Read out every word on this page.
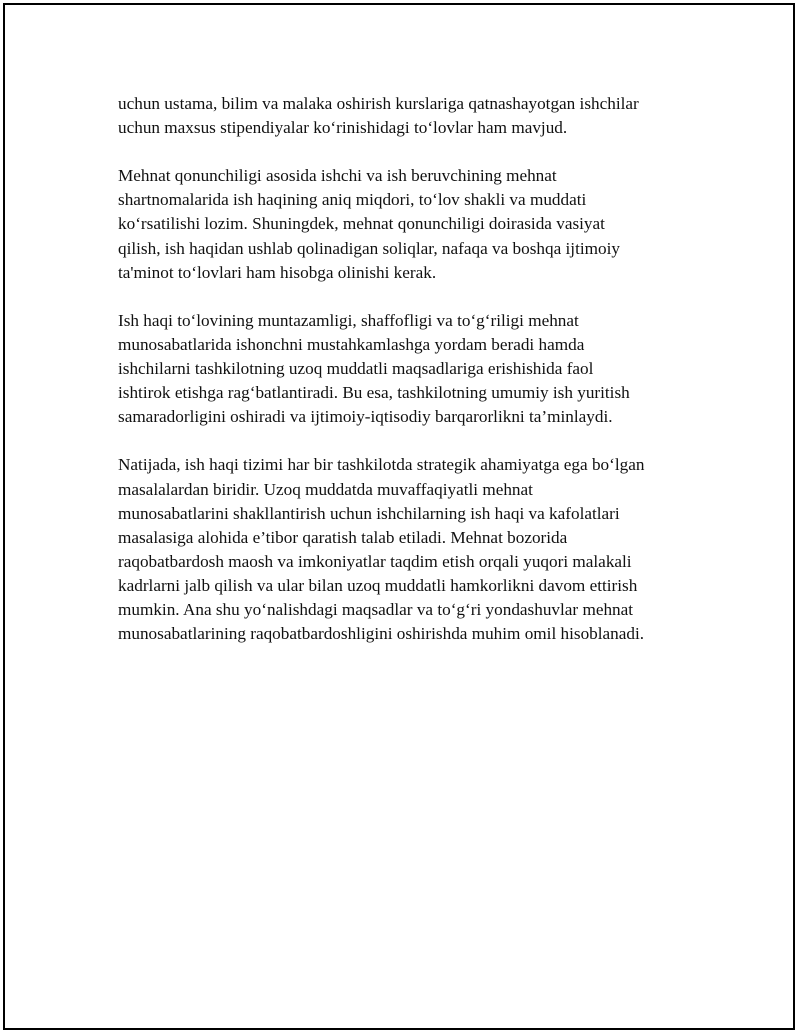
uchun ustama, bilim va malaka oshirish kurslariga qatnashayotgan ishchilar
uchun maxsus stipendiyalar ko‘rinishidagi to‘lovlar ham mavjud.

Mehnat qonunchiligi asosida ishchi va ish beruvchining mehnat
shartnomalarida ish haqining aniq miqdori, to‘lov shakli va muddati
ko‘rsatilishi lozim. Shuningdek, mehnat qonunchiligi doirasida vasiyat
qilish, ish haqidan ushlab qolinadigan soliqlar, nafaqa va boshqa ijtimoiy
ta'minot to‘lovlari ham hisobga olinishi kerak.

Ish haqi to‘lovining muntazamligi, shaffofligi va to‘g‘riligi mehnat
munosabatlarida ishonchni mustahkamlashga yordam beradi hamda
ishchilarni tashkilotning uzoq muddatli maqsadlariga erishishida faol
ishtirok etishga rag‘batlantiradi. Bu esa, tashkilotning umumiy ish yuritish
samaradorligini oshiradi va ijtimoiy-iqtisodiy barqarorlikni ta’minlaydi.

Natijada, ish haqi tizimi har bir tashkilotda strategik ahamiyatga ega bo‘lgan
masalalardan biridir. Uzoq muddatda muvaffaqiyatli mehnat
munosabatlarini shakllantirish uchun ishchilarning ish haqi va kafolatlari
masalasiga alohida e’tibor qaratish talab etiladi. Mehnat bozorida
raqobatbardosh maosh va imkoniyatlar taqdim etish orqali yuqori malakali
kadrlarni jalb qilish va ular bilan uzoq muddatli hamkorlikni davom ettirish
mumkin. Ana shu yo‘nalishdagi maqsadlar va to‘g‘ri yondashuvlar mehnat
munosabatlarining raqobatbardoshligini oshirishda muhim omil hisoblanadi.
